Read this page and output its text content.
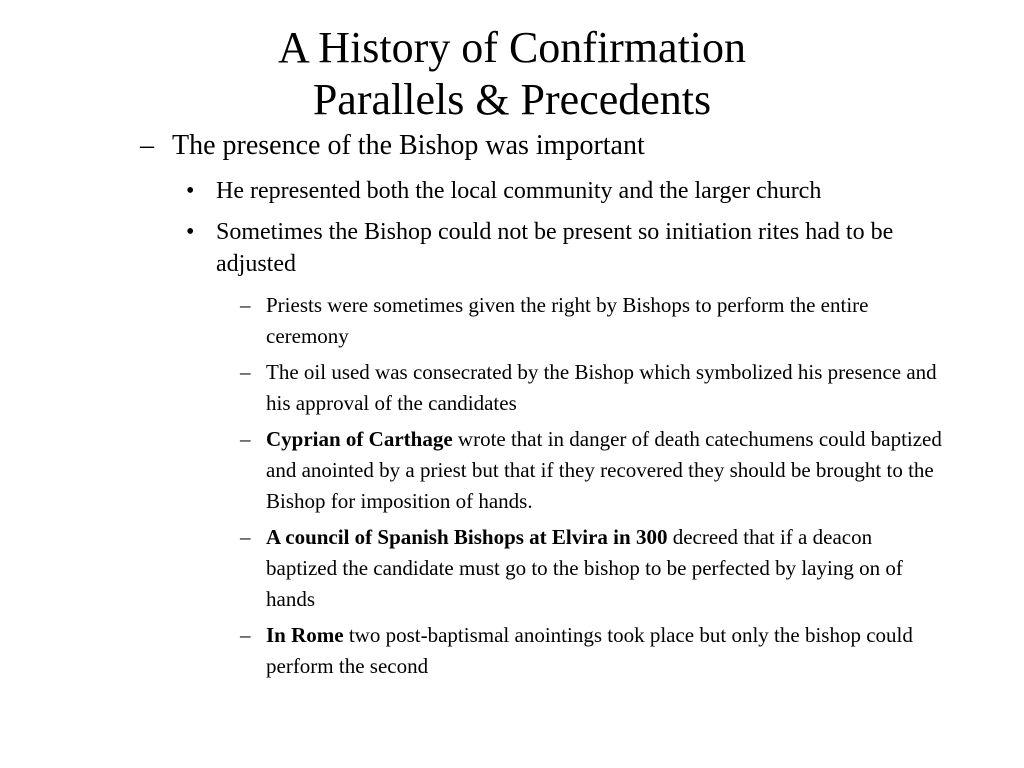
A History of Confirmation
Parallels & Precedents
– The presence of the Bishop was important
• He represented both the local community and the larger church
• Sometimes the Bishop could not be present so initiation rites had to be adjusted
– Priests were sometimes given the right by Bishops to perform the entire ceremony
– The oil used was consecrated by the Bishop which symbolized his presence and his approval of the candidates
– Cyprian of Carthage wrote that in danger of death catechumens could baptized and anointed by a priest but that if they recovered they should be brought to the Bishop for imposition of hands.
– A council of Spanish Bishops at Elvira in 300 decreed that if a deacon baptized the candidate must go to the bishop to be perfected by laying on of hands
– In Rome two post-baptismal anointings took place but only the bishop could perform the second
